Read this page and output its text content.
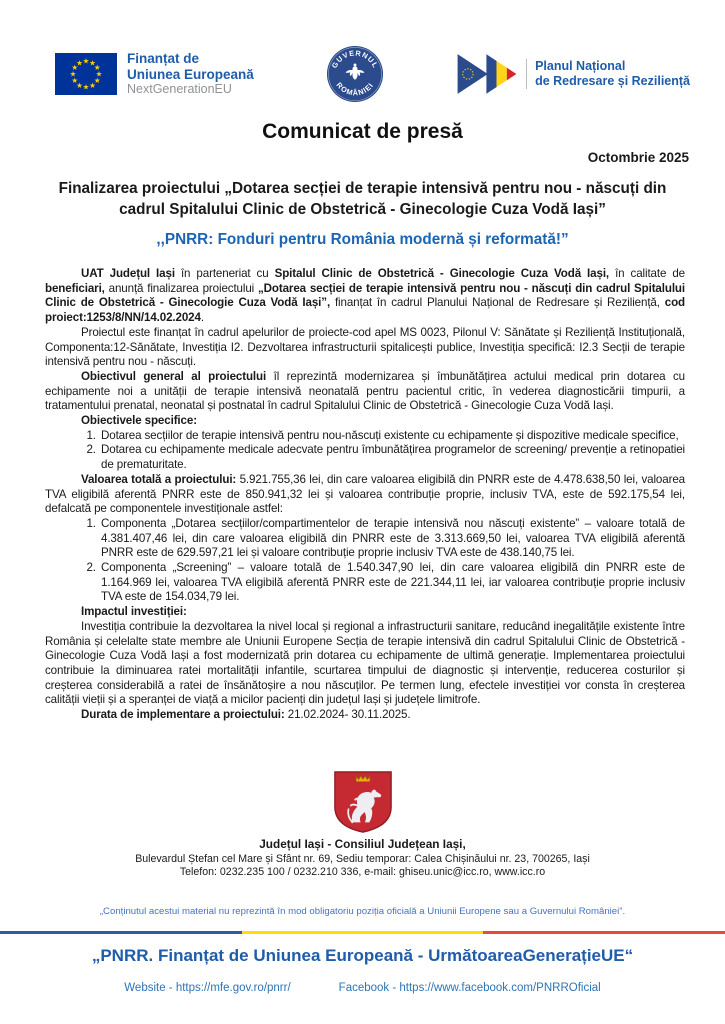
★ ★
★
★
★
★
★
★
★
★
★
★	Finanțat de
Uniunea Europeană
NextGenerationEU
GUVERNUL
ROMÂNIEI
Planul Național
de Redresare și Reziliență
Comunicat de presă
Octombrie 2025
Finalizarea proiectului „Dotarea secției de terapie intensivă pentru nou - născuți din cadrul Spitalului Clinic de Obstetrică - Ginecologie Cuza Vodă Iași”
,,PNRR: Fonduri pentru România modernă și reformată!”

UAT Județul Iași în parteneriat cu Spitalul Clinic de Obstetrică - Ginecologie Cuza Vodă Iași, în calitate de beneficiari, anunță finalizarea proiectului „Dotarea secției de terapie intensivă pentru nou - născuți din cadrul Spitalului Clinic de Obstetrică - Ginecologie Cuza Vodă Iași”, finanțat în cadrul Planului Național de Redresare și Reziliență, cod proiect:1253/8/NN/14.02.2024.

Proiectul este finanțat în cadrul apelurilor de proiecte-cod apel MS 0023, Pilonul V: Sănătate și Reziliență Instituțională, Componenta:12-Sănătate, Investiția I2. Dezvoltarea infrastructurii spitalicești publice, Investiția specifică: I2.3 Secții de terapie intensivă pentru nou - născuți.

Obiectivul general al proiectului îl reprezintă modernizarea și îmbunătățirea actului medical prin dotarea cu echipamente noi a unității de terapie intensivă neonatală pentru pacientul critic, în vederea diagnosticării timpurii, a tratamentului prenatal, neonatal și postnatal în cadrul Spitalului Clinic de Obstetrică - Ginecologie Cuza Vodă Iași.

Obiectivele specifice:

1. Dotarea secțiilor de terapie intensivă pentru nou-născuți existente cu echipamente și dispozitive medicale specifice,
2. Dotarea cu echipamente medicale adecvate pentru îmbunătățirea programelor de screening/ prevenție a retinopatiei de prematuritate.

Valoarea totală a proiectului: 5.921.755,36 lei, din care valoarea eligibilă din PNRR este de 4.478.638,50 lei, valoarea TVA eligibilă aferentă PNRR este de 850.941,32 lei și valoarea contribuție proprie, inclusiv TVA, este de 592.175,54 lei, defalcată pe componentele investiționale astfel:

1. Componenta „Dotarea secțiilor/compartimentelor de terapie intensivă nou născuți existente” – valoare totală de 4.381.407,46 lei, din care valoarea eligibilă din PNRR este de 3.313.669,50 lei, valoarea TVA eligibilă aferentă PNRR este de 629.597,21 lei și valoare contribuție proprie inclusiv TVA este de 438.140,75 lei.
2. Componenta „Screening” – valoare totală de 1.540.347,90 lei, din care valoarea eligibilă din PNRR este de 1.164.969 lei, valoarea TVA eligibilă aferentă PNRR este de 221.344,11 lei, iar valoarea contribuție proprie inclusiv TVA este de 154.034,79 lei.

Impactul investiției:

Investiția contribuie la dezvoltarea la nivel local și regional a infrastructurii sanitare, reducând inegalitățile existente între România și celelalte state membre ale Uniunii Europene Secția de terapie intensivă din cadrul Spitalului Clinic de Obstetrică - Ginecologie Cuza Vodă Iași a fost modernizată prin dotarea cu echipamente de ultimă generație. Implementarea proiectului contribuie la diminuarea ratei mortalității infantile, scurtarea timpului de diagnostic și intervenție, reducerea costurilor și creșterea considerabilă a ratei de însănătoșire a nou născuților. Pe termen lung, efectele investiției vor consta în creșterea calității vieții și a speranței de viață a micilor pacienți din județul Iași și județele limitrofe.

Durata de implementare a proiectului: 21.02.2024- 30.11.2025.

Județul Iași - Consiliul Județean Iași,
Bulevardul Ștefan cel Mare și Sfânt nr. 69, Sediu temporar: Calea Chișinăului nr. 23, 700265, Iași
Telefon: 0232.235 100 / 0232.210 336, e-mail: ghiseu.unic@icc.ro, www.icc.ro
„Conținutul acestui material nu reprezintă în mod obligatoriu poziția oficială a Uniunii Europene sau a Guvernului României”.
„PNRR. Finanțat de Uniunea Europeană - UrmătoareaGenerațieUE“
Website - https://mfe.gov.ro/pnrr/	Facebook - https://www.facebook.com/PNRROficial
